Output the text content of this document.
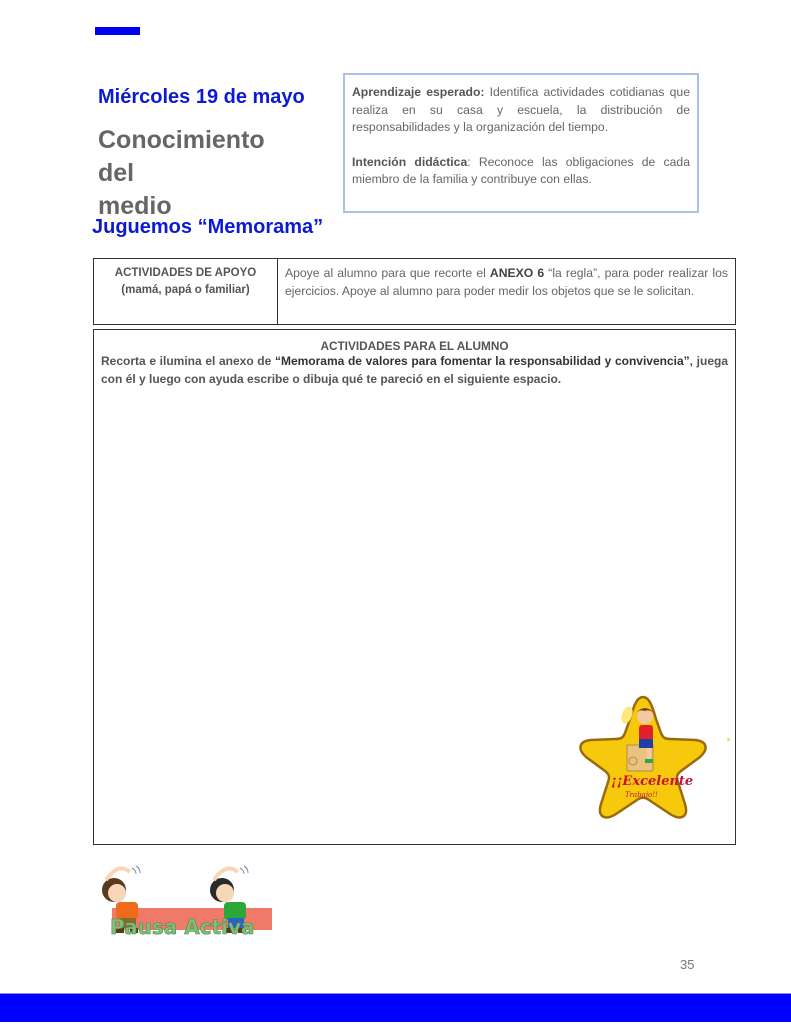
Miércoles 19 de mayo
Conocimiento
del
medio

Aprendizaje esperado: Identifica actividades cotidianas que realiza en su casa y escuela, la distribución de responsabilidades y la organización del tiempo.

Intención didáctica: Reconoce las obligaciones de cada miembro de la familia y contribuye con ellas.

Juguemos “Memorama”
ACTIVIDADES DE APOYO
(mamá, papá o familiar)
Apoye al alumno para que recorte el ANEXO 6 “la regla”, para poder realizar los ejercicios. Apoye al alumno para poder medir los objetos que se le solicitan.
ACTIVIDADES PARA EL ALUMNO

Recorta e ilumina el anexo de “Memorama de valores para fomentar la responsabilidad y convivencia”, juega con él y luego con ayuda escribe o dibuja qué te pareció en el siguiente espacio.

¡¡Excelente
Trabajo!!
Pausa Activa
35
